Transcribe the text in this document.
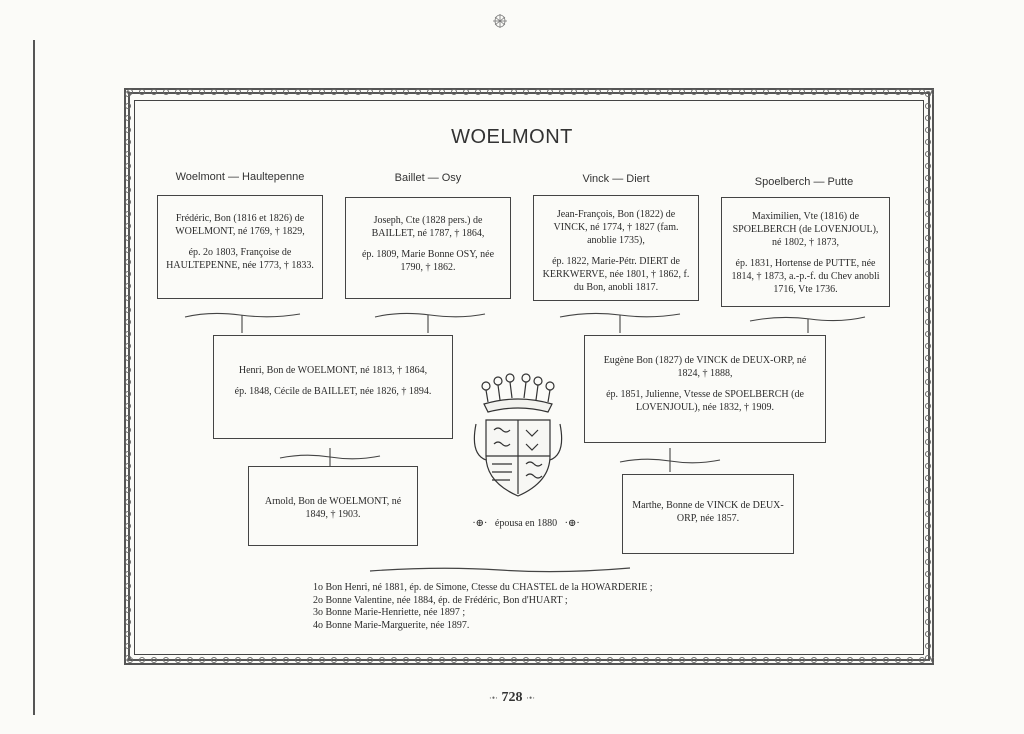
WOELMONT
Woelmont — Haultepenne	Baillet — Osy	Vinck — Diert	Spoelberch — Putte

Frédéric, Bon (1816 et 1826) de WOELMONT, né 1769, † 1829,

ép. 2o 1803, Françoise de HAULTEPENNE, née 1773, † 1833.

Joseph, Cte (1828 pers.) de BAILLET, né 1787, † 1864,

ép. 1809, Marie Bonne OSY, née 1790, † 1862.

Jean-François, Bon (1822) de VINCK, né 1774, † 1827 (fam. anoblie 1735),

ép. 1822, Marie-Pétr. DIERT de KERKWERVE, née 1801, † 1862, f. du Bon, anobli 1817.

Maximilien, Vte (1816) de SPOELBERCH (de LOVENJOUL), né 1802, † 1873,

ép. 1831, Hortense de PUTTE, née 1814, † 1873, a.-p.-f. du Chev anobli 1716, Vte 1736.

Henri, Bon de WOELMONT, né 1813, † 1864,

ép. 1848, Cécile de BAILLET, née 1826, † 1894.

Eugène Bon (1827) de VINCK de DEUX-ORP, né 1824, † 1888,

ép. 1851, Julienne, Vtesse de SPOELBERCH (de LOVENJOUL), née 1832, † 1909.

Arnold, Bon de WOELMONT, né 1849, † 1903.

Marthe, Bonne de VINCK de DEUX-ORP, née 1857.

·⊕· épousa en 1880 ·⊕·
1o Bon Henri, né 1881, ép. de Simone, Ctesse du CHASTEL de la HOWARDERIE ;
2o Bonne Valentine, née 1884, ép. de Frédéric, Bon d'HUART ;
3o Bonne Marie-Henriette, née 1897 ;
4o Bonne Marie-Marguerite, née 1897.
·•· 728 ·•·
